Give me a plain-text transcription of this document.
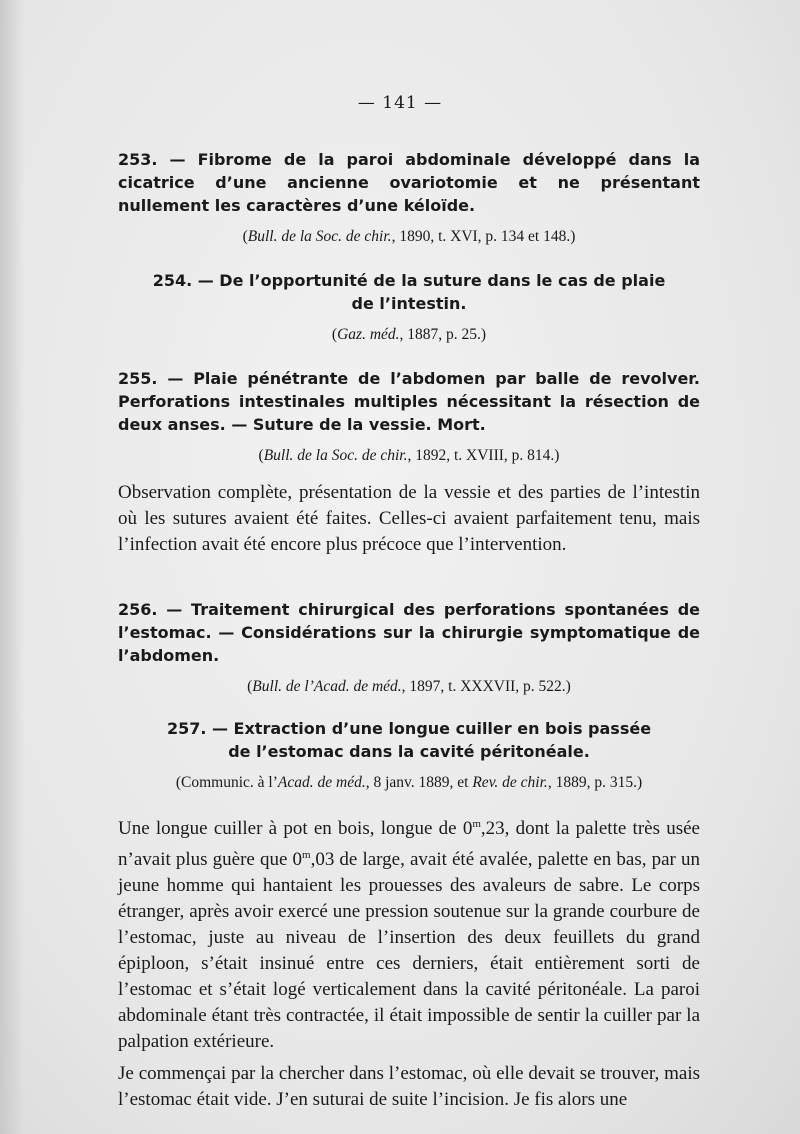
— 141 —

253. — Fibrome de la paroi abdominale développé dans la cicatrice d’une ancienne ovariotomie et ne présentant nullement les caractères d’une kéloïde.

(Bull. de la Soc. de chir., 1890, t. XVI, p. 134 et 148.)

254. — De l’opportunité de la suture dans le cas de plaie
de l’intestin.

(Gaz. méd., 1887, p. 25.)

255. — Plaie pénétrante de l’abdomen par balle de revolver. Perforations intestinales multiples nécessitant la résection de deux anses. — Suture de la vessie. Mort.

(Bull. de la Soc. de chir., 1892, t. XVIII, p. 814.)

Observation complète, présentation de la vessie et des parties de l’intestin où les sutures avaient été faites. Celles-ci avaient parfaitement tenu, mais l’infection avait été encore plus précoce que l’intervention.

256. — Traitement chirurgical des perforations spontanées de l’estomac. — Considérations sur la chirurgie symptomatique de l’abdomen.

(Bull. de l’Acad. de méd., 1897, t. XXXVII, p. 522.)

257. — Extraction d’une longue cuiller en bois passée
de l’estomac dans la cavité péritonéale.

(Communic. à l’Acad. de méd., 8 janv. 1889, et Rev. de chir., 1889, p. 315.)

Une longue cuiller à pot en bois, longue de 0$^m$,23, dont la palette très usée n’avait plus guère que 0$^m$,03 de large, avait été avalée, palette en bas, par un jeune homme qui hantaient les prouesses des avaleurs de sabre. Le corps étranger, après avoir exercé une pression soutenue sur la grande courbure de l’estomac, juste au niveau de l’insertion des deux feuillets du grand épiploon, s’était insinué entre ces derniers, était entièrement sorti de l’estomac et s’était logé verticalement dans la cavité péritonéale. La paroi abdominale étant très contractée, il était impossible de sentir la cuiller par la palpation extérieure.

Je commençai par la chercher dans l’estomac, où elle devait se trouver, mais l’estomac était vide. J’en suturai de suite l’incision. Je fis alors une
